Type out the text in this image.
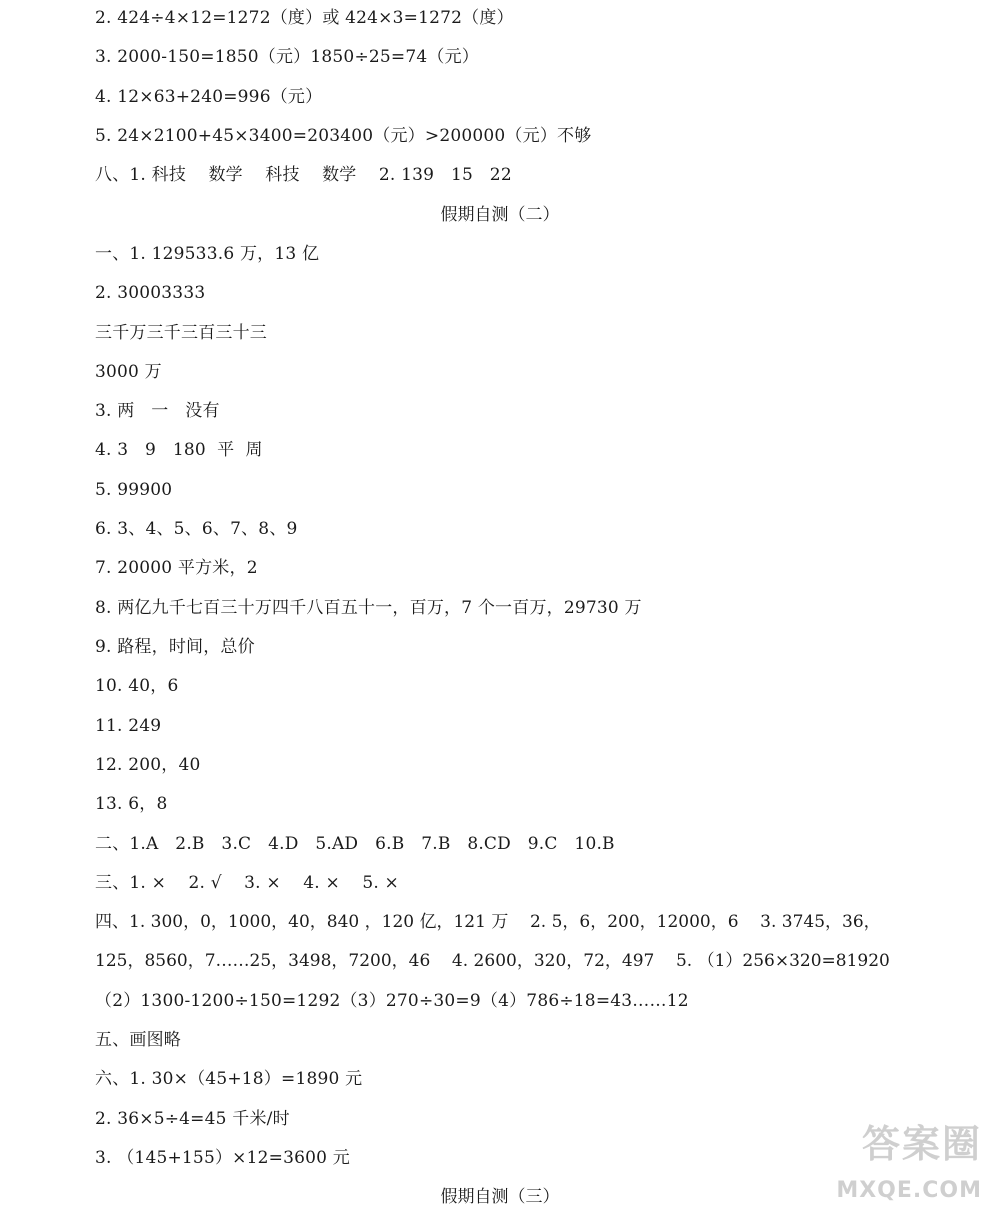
2. 424÷4×12=1272（度）或 424×3=1272（度）
3. 2000-150=1850（元）1850÷25=74（元）
4. 12×63+240=996（元）
5. 24×2100+45×3400=203400（元）>200000（元）不够
八、1. 科技    数学    科技    数学    2. 139   15   22
假期自测（二）
一、1. 129533.6 万，13 亿
2. 30003333
三千万三千三百三十三
3000 万
3. 两   一   没有
4. 3   9   180  平  周
5. 99900
6. 3、4、5、6、7、8、9
7. 20000 平方米，2
8. 两亿九千七百三十万四千八百五十一，百万，7 个一百万，29730 万
9. 路程，时间，总价
10. 40，6
11. 249
12. 200，40
13. 6，8
二、1.A   2.B   3.C   4.D   5.AD   6.B   7.B   8.CD   9.C   10.B
三、1. ×    2. √    3. ×    4. ×    5. ×
四、1. 300，0，1000，40，840 ，120 亿，121 万    2. 5，6，200，12000，6    3. 3745，36，
125，8560，7……25，3498，7200，46    4. 2600，320，72，497    5. （1）256×320=81920
（2）1300-1200÷150=1292（3）270÷30=9（4）786÷18=43……12
五、画图略
六、1. 30×（45+18）=1890 元
2. 36×5÷4=45 千米/时
3. （145+155）×12=3600 元
假期自测（三）
答案圈
MXQE.COM
